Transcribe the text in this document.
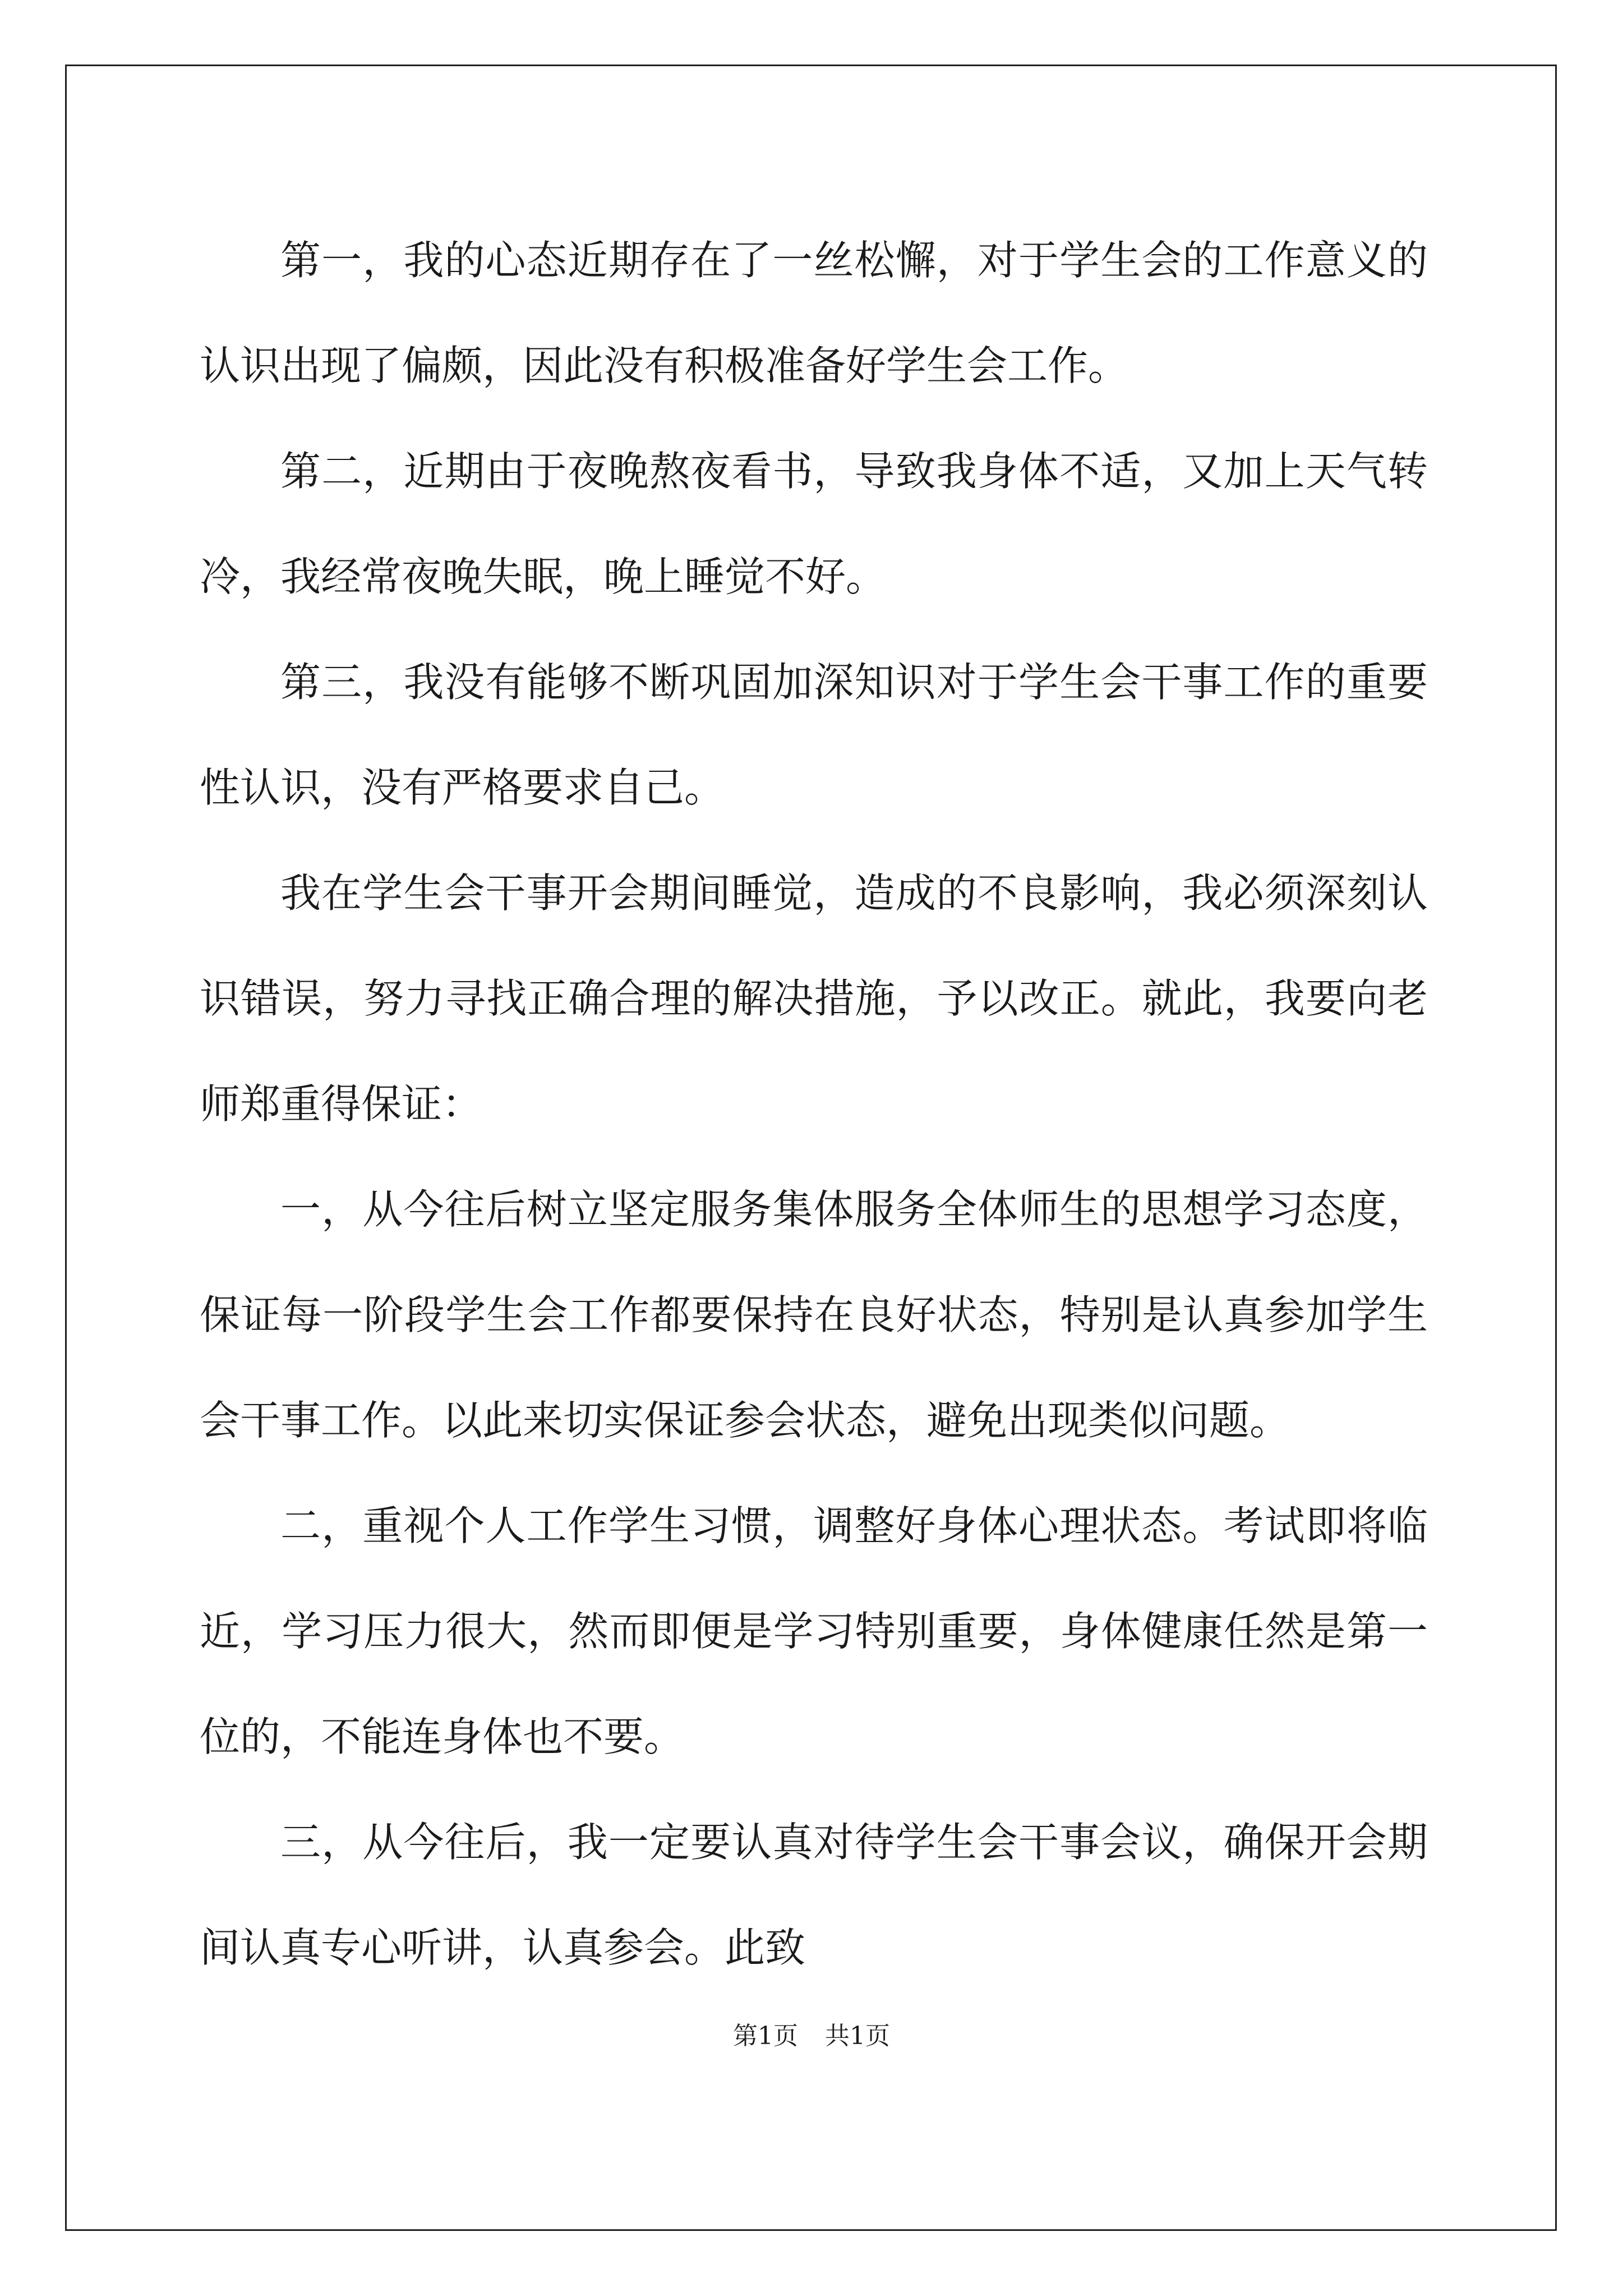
第一，我的心态近期存在了一丝松懈，对于学生会的工作意义的认识出现了偏颇，因此没有积极准备好学生会工作。

第二，近期由于夜晚熬夜看书，导致我身体不适，又加上天气转冷，我经常夜晚失眠，晚上睡觉不好。

第三，我没有能够不断巩固加深知识对于学生会干事工作的重要性认识，没有严格要求自己。

我在学生会干事开会期间睡觉，造成的不良影响，我必须深刻认识错误，努力寻找正确合理的解决措施，予以改正。就此，我要向老师郑重得保证：

一，从今往后树立坚定服务集体服务全体师生的思想学习态度，保证每一阶段学生会工作都要保持在良好状态，特别是认真参加学生会干事工作。以此来切实保证参会状态，避免出现类似问题。

二，重视个人工作学生习惯，调整好身体心理状态。考试即将临近，学习压力很大，然而即便是学习特别重要，身体健康任然是第一位的，不能连身体也不要。

三，从今往后，我一定要认真对待学生会干事会议，确保开会期间认真专心听讲，认真参会。此致

第1页 共1页
